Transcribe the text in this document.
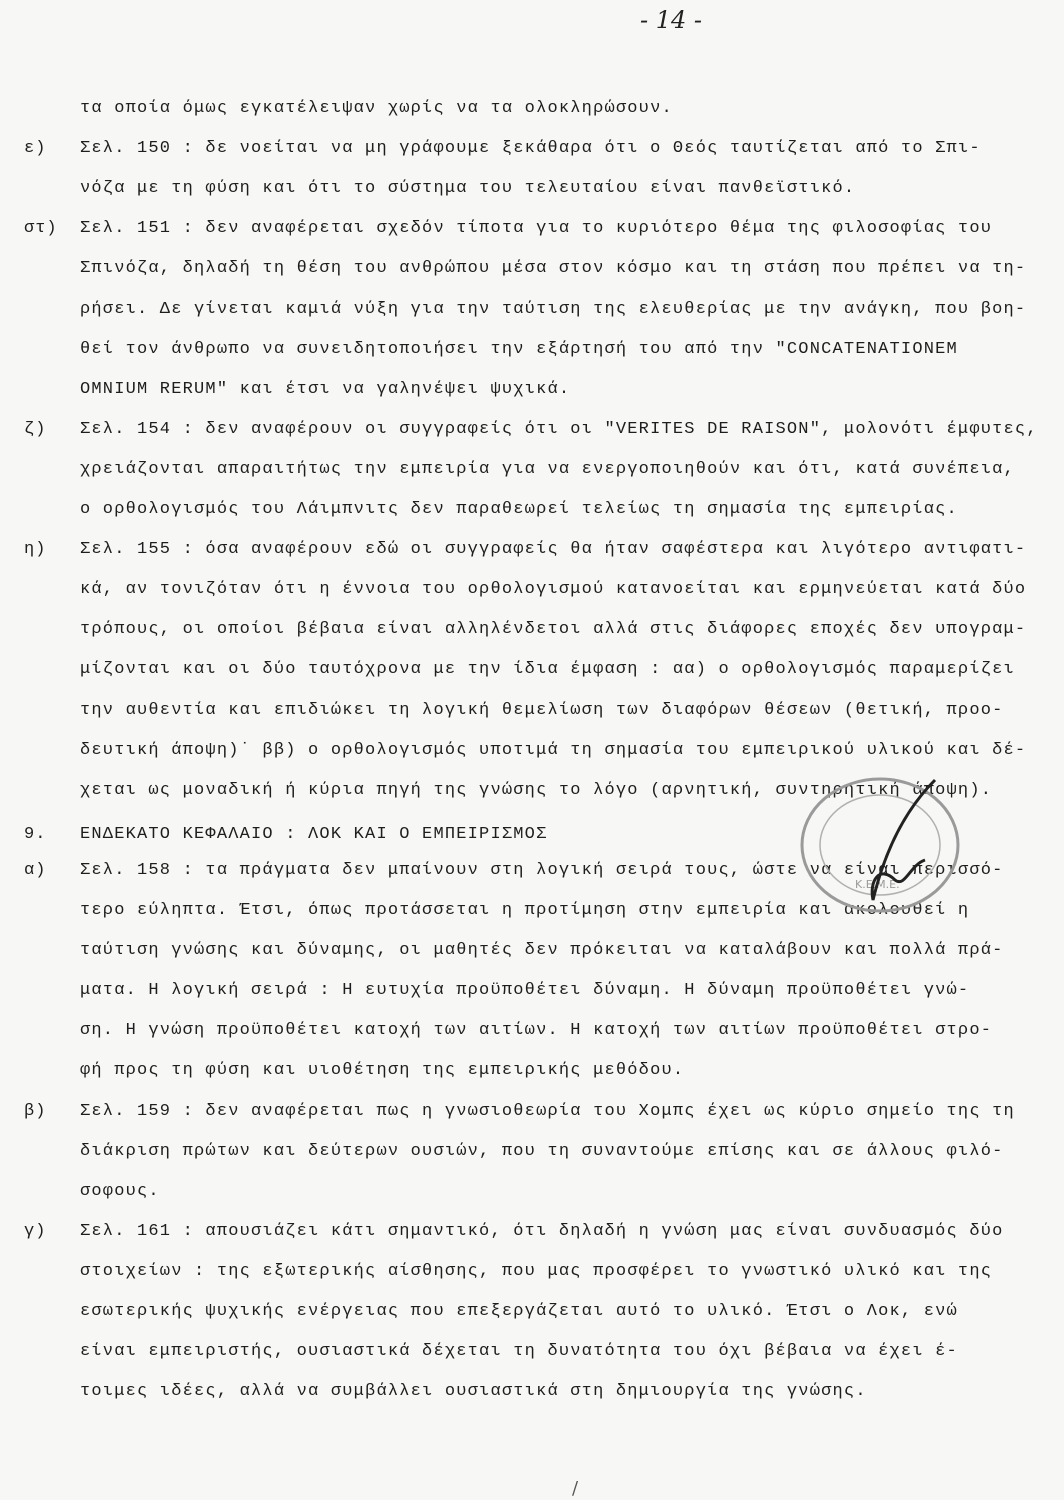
- 14 -
τα οποία όμως εγκατέλειψαν χωρίς να τα ολοκληρώσουν.
ε)	Σελ. 150 : δε νοείται να μη γράφουμε ξεκάθαρα ότι ο Θεός ταυτίζεται από το Σπι-
νόζα με τη φύση και ότι το σύστημα του τελευταίου είναι πανθεϊστικό.
στ)	Σελ. 151 : δεν αναφέρεται σχεδόν τίποτα για το κυριότερο θέμα της φιλοσοφίας του
Σπινόζα, δηλαδή τη θέση του ανθρώπου μέσα στον κόσμο και τη στάση που πρέπει να τη-
ρήσει. Δε γίνεται καμιά νύξη για την ταύτιση της ελευθερίας με την ανάγκη, που βοη-
θεί τον άνθρωπο να συνειδητοποιήσει την εξάρτησή του από την "CONCATENATIONEM
OMNIUM RERUM" και έτσι να γαληνέψει ψυχικά.
ζ)	Σελ. 154 : δεν αναφέρουν οι συγγραφείς ότι οι "VERITES DE RAISON", μολονότι έμφυτες,
χρειάζονται απαραιτήτως την εμπειρία για να ενεργοποιηθούν και ότι, κατά συνέπεια,
ο ορθολογισμός του Λάιμπνιτς δεν παραθεωρεί τελείως τη σημασία της εμπειρίας.
η)	Σελ. 155 : όσα αναφέρουν εδώ οι συγγραφείς θα ήταν σαφέστερα και λιγότερο αντιφατι-
κά, αν τονιζόταν ότι η έννοια του ορθολογισμού κατανοείται και ερμηνεύεται κατά δύο
τρόπους, οι οποίοι βέβαια είναι αλληλένδετοι αλλά στις διάφορες εποχές δεν υπογραμ-
μίζονται και οι δύο ταυτόχρονα με την ίδια έμφαση : αα) ο ορθολογισμός παραμερίζει
την αυθεντία και επιδιώκει τη λογική θεμελίωση των διαφόρων θέσεων (θετική, προο-
δευτική άποψη)˙ ββ) ο ορθολογισμός υποτιμά τη σημασία του εμπειρικού υλικού και δέ-
χεται ως μοναδική ή κύρια πηγή της γνώσης το λόγο (αρνητική, συντηρητική άποψη).
9.	ΕΝΔΕΚΑΤΟ ΚΕΦΑΛΑΙΟ : ΛΟΚ ΚΑΙ Ο ΕΜΠΕΙΡΙΣΜΟΣ
α)	Σελ. 158 : τα πράγματα δεν μπαίνουν στη λογική σειρά τους, ώστε να είναι περισσό-
τερο εύληπτα. Έτσι, όπως προτάσσεται η προτίμηση στην εμπειρία και ακολουθεί η
ταύτιση γνώσης και δύναμης, οι μαθητές δεν πρόκειται να καταλάβουν και πολλά πρά-
ματα. Η λογική σειρά : Η ευτυχία προϋποθέτει δύναμη. Η δύναμη προϋποθέτει γνώ-
ση. Η γνώση προϋποθέτει κατοχή των αιτίων. Η κατοχή των αιτίων προϋποθέτει στρο-
φή προς τη φύση και υιοθέτηση της εμπειρικής μεθόδου.
β)	Σελ. 159 : δεν αναφέρεται πως η γνωσιοθεωρία του Χομπς έχει ως κύριο σημείο της τη
διάκριση πρώτων και δεύτερων ουσιών, που τη συναντούμε επίσης και σε άλλους φιλό-
σοφους.
γ)	Σελ. 161 : απουσιάζει κάτι σημαντικό, ότι δηλαδή η γνώση μας είναι συνδυασμός δύο
στοιχείων : της εξωτερικής αίσθησης, που μας προσφέρει το γνωστικό υλικό και της
εσωτερικής ψυχικής ενέργειας που επεξεργάζεται αυτό το υλικό. Έτσι ο Λοκ, ενώ
είναι εμπειριστής, ουσιαστικά δέχεται τη δυνατότητα του όχι βέβαια να έχει έ-
τοιμες ιδέες, αλλά να συμβάλλει ουσιαστικά στη δημιουργία της γνώσης.
Κ.Ε.Μ.Ε.
/
